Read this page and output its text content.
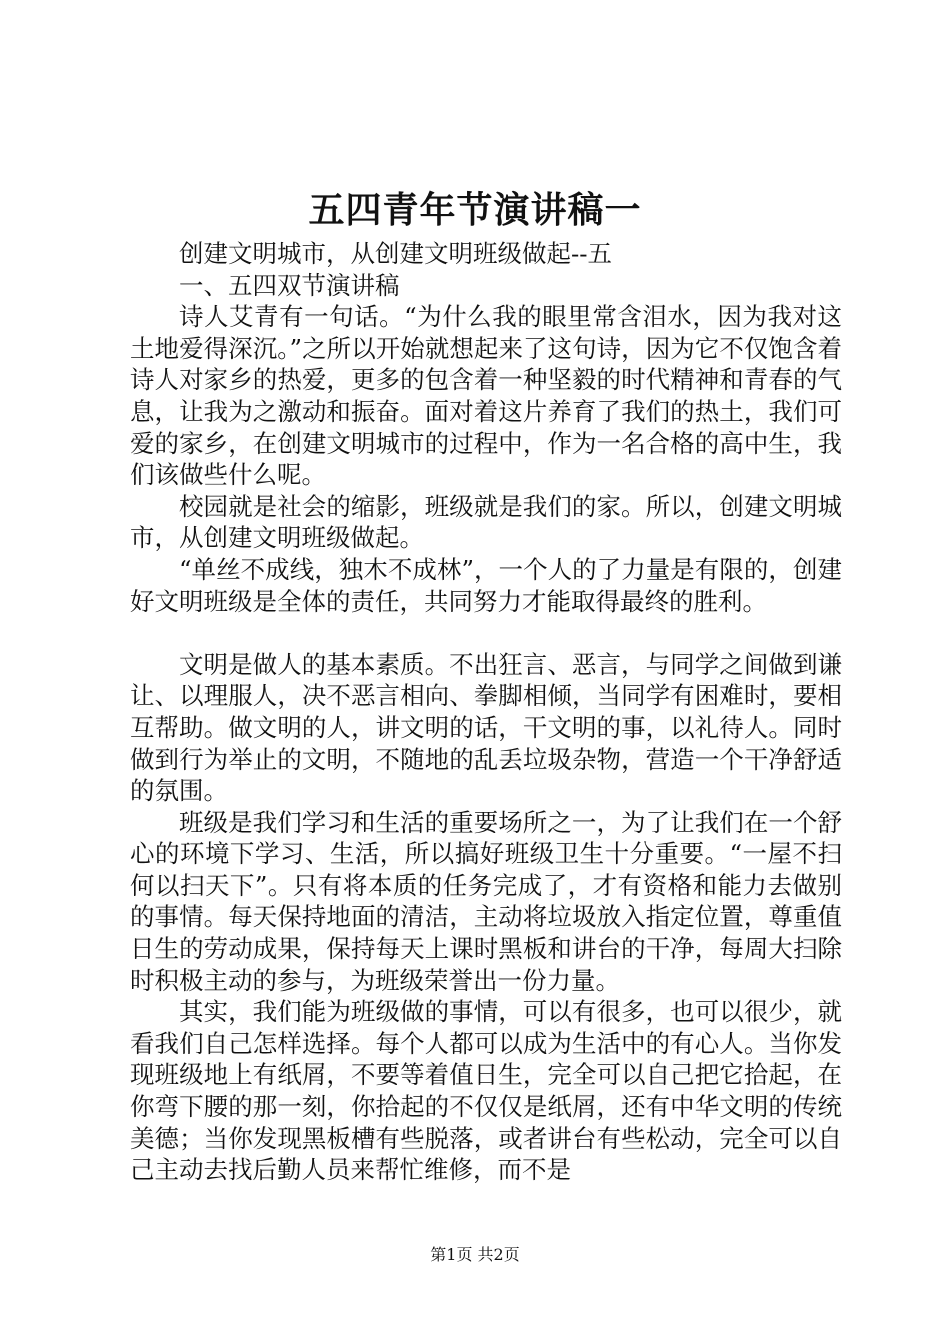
五四青年节演讲稿一

创建文明城市，从创建文明班级做起--五

一、五四双节演讲稿

诗人艾青有一句话。“为什么我的眼里常含泪水，因为我对这土地爱得深沉。”之所以开始就想起来了这句诗，因为它不仅饱含着诗人对家乡的热爱，更多的包含着一种坚毅的时代精神和青春的气息，让我为之激动和振奋。面对着这片养育了我们的热土，我们可爱的家乡，在创建文明城市的过程中，作为一名合格的高中生，我们该做些什么呢。

校园就是社会的缩影，班级就是我们的家。所以，创建文明城市，从创建文明班级做起。

“单丝不成线，独木不成林”，一个人的了力量是有限的，创建好文明班级是全体的责任，共同努力才能取得最终的胜利。

文明是做人的基本素质。不出狂言、恶言，与同学之间做到谦让、以理服人，决不恶言相向、拳脚相倾，当同学有困难时，要相互帮助。做文明的人，讲文明的话，干文明的事，以礼待人。同时做到行为举止的文明，不随地的乱丢垃圾杂物，营造一个干净舒适的氛围。

班级是我们学习和生活的重要场所之一，为了让我们在一个舒心的环境下学习、生活，所以搞好班级卫生十分重要。“一屋不扫何以扫天下”。只有将本质的任务完成了，才有资格和能力去做别的事情。每天保持地面的清洁，主动将垃圾放入指定位置，尊重值日生的劳动成果，保持每天上课时黑板和讲台的干净，每周大扫除时积极主动的参与，为班级荣誉出一份力量。

其实，我们能为班级做的事情，可以有很多，也可以很少，就看我们自己怎样选择。每个人都可以成为生活中的有心人。当你发现班级地上有纸屑，不要等着值日生，完全可以自己把它拾起，在你弯下腰的那一刻，你拾起的不仅仅是纸屑，还有中华文明的传统美德；当你发现黑板槽有些脱落，或者讲台有些松动，完全可以自己主动去找后勤人员来帮忙维修，而不是

第1页 共2页
